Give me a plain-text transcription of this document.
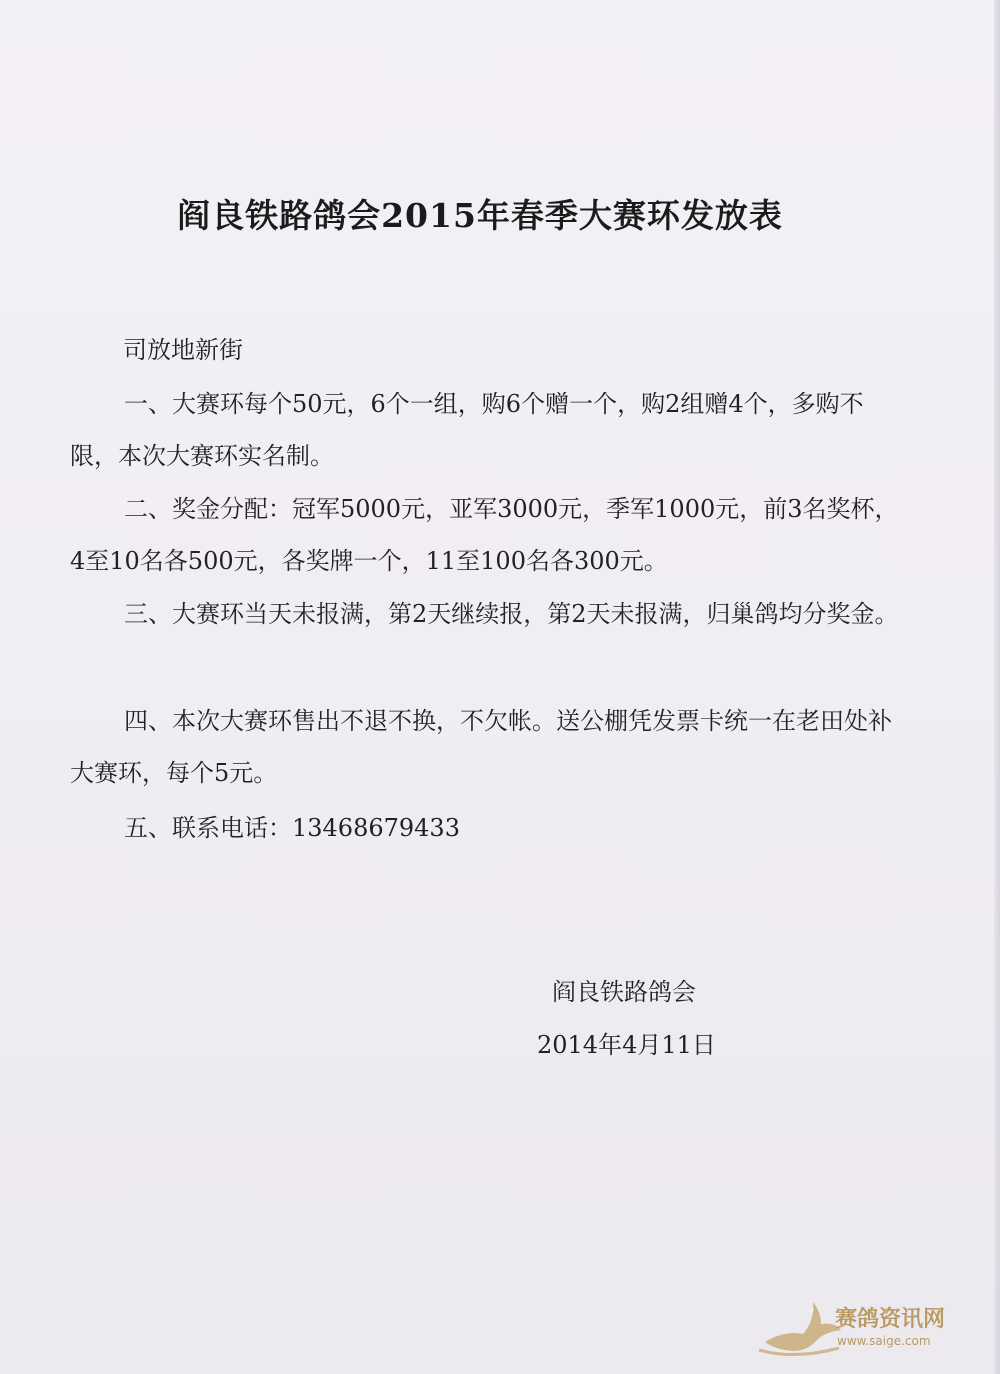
阎良铁路鸽会2015年春季大赛环发放表
司放地新街
一、大赛环每个50元，6个一组，购6个赠一个，购2组赠4个，多购不限，本次大赛环实名制。
二、奖金分配：冠军5000元，亚军3000元，季军1000元，前3名奖杯，4至10名各500元，各奖牌一个，11至100名各300元。
三、大赛环当天未报满，第2天继续报，第2天未报满，归巢鸽均分奖金。
四、本次大赛环售出不退不换，不欠帐。送公棚凭发票卡统一在老田处补大赛环，每个5元。
五、联系电话：13468679433
阎良铁路鸽会
2014年4月11日
赛鸽资讯网
www.saige.com
